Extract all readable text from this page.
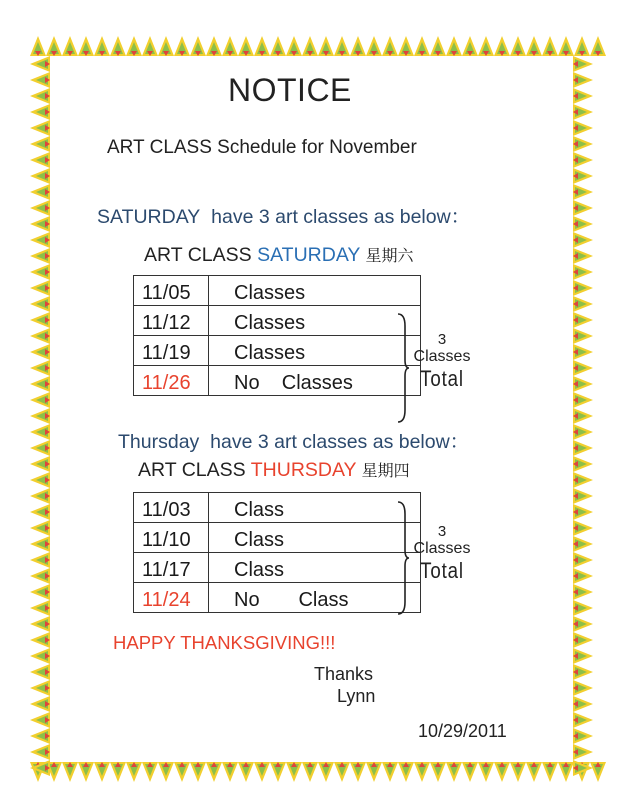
NOTICE
ART CLASS Schedule for November
SATURDAY have 3 art classes as below：
ART CLASS SATURDAY 星期六
11/05	Classes
11/12	Classes
11/19	Classes
11/26	No    Classes
3
Classes
Total
Thursday have 3 art classes as below：
ART CLASS THURSDAY 星期四
11/03	Class
11/10	Class
11/17	Class
11/24	No       Class
3
Classes
Total
HAPPY THANKSGIVING!!!
Thanks
Lynn
10/29/2011
